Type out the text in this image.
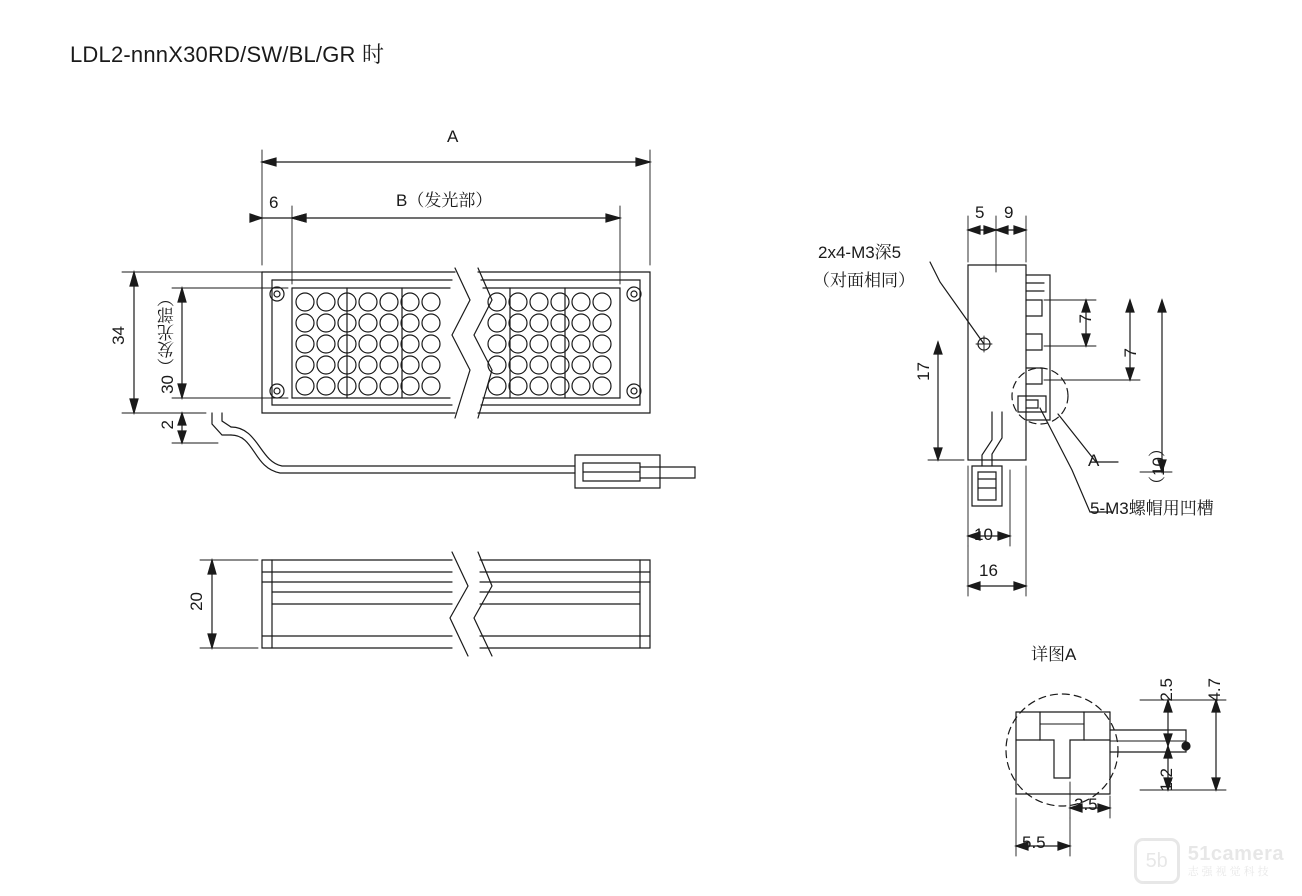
LDL2-nnnX30RD/SW/BL/GR 时
A
B（发光部）
6
34 30（发光部）
2
20
5 9
2x4-M3深5
（对面相同）
17
7
7
（10）
A
5-M3螺帽用凹槽
10
16
详图A
2.5 4.7
1.2
3.5
5.5
5b 51camera
志强视觉科技
